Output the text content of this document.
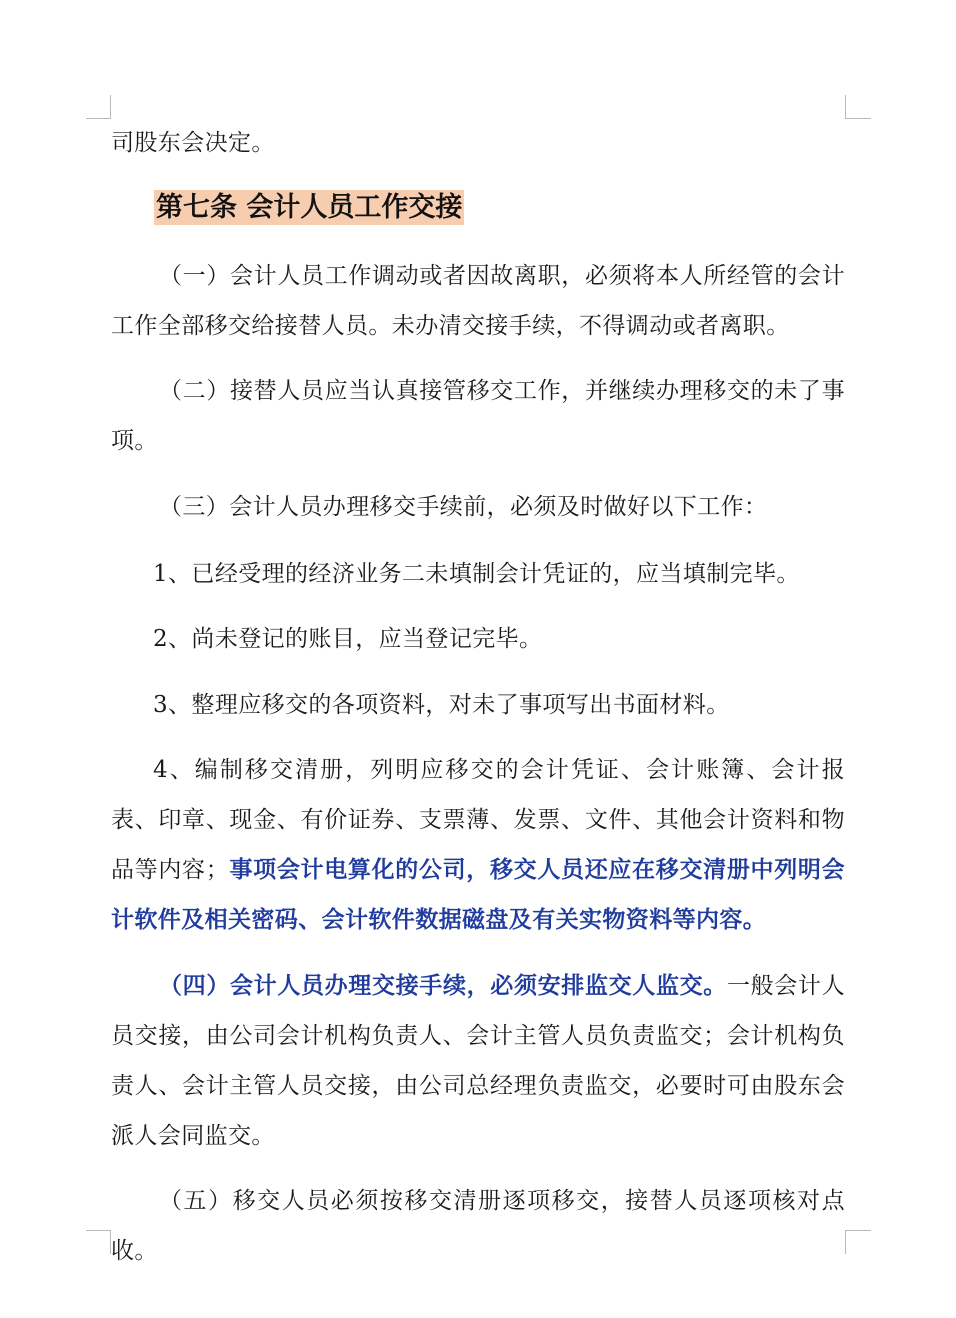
司股东会决定。

第七条 会计人员工作交接

（一）会计人员工作调动或者因故离职，必须将本人所经管的会计工作全部移交给接替人员。未办清交接手续，不得调动或者离职。

（二）接替人员应当认真接管移交工作，并继续办理移交的未了事项。

（三）会计人员办理移交手续前，必须及时做好以下工作：

1、已经受理的经济业务二未填制会计凭证的，应当填制完毕。

2、尚未登记的账目，应当登记完毕。

3、整理应移交的各项资料，对未了事项写出书面材料。

4、编制移交清册，列明应移交的会计凭证、会计账簿、会计报表、印章、现金、有价证券、支票薄、发票、文件、其他会计资料和物品等内容；事项会计电算化的公司，移交人员还应在移交清册中列明会计软件及相关密码、会计软件数据磁盘及有关实物资料等内容。

（四）会计人员办理交接手续，必须安排监交人监交。一般会计人员交接，由公司会计机构负责人、会计主管人员负责监交；会计机构负责人、会计主管人员交接，由公司总经理负责监交，必要时可由股东会派人会同监交。

（五）移交人员必须按移交清册逐项移交，接替人员逐项核对点收。
